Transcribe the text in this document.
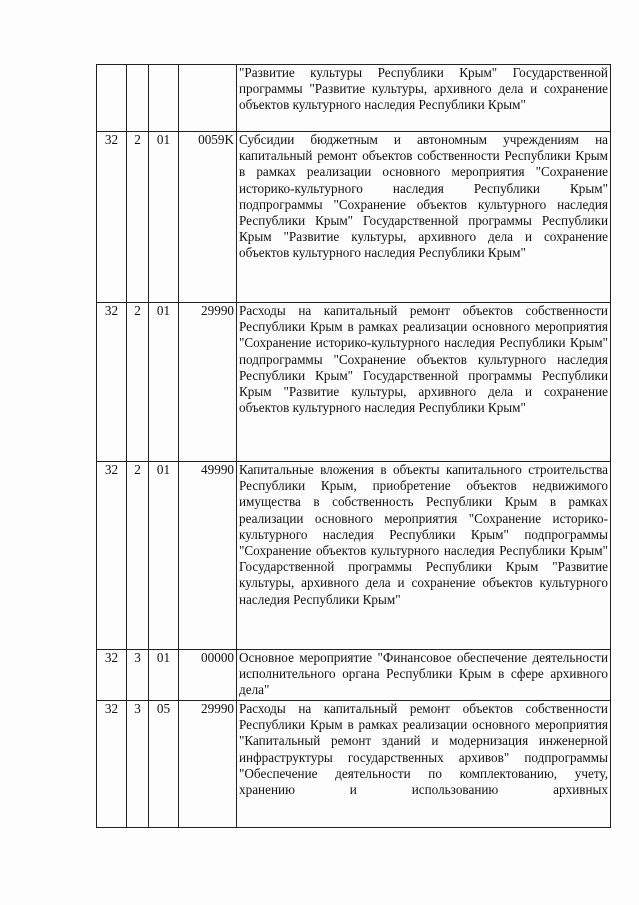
				"Развитие культуры Республики Крым" Государственной программы "Развитие культуры, архивного дела и сохранение объектов культурного наследия Республики Крым"
32	2	01	0059K	Субсидии бюджетным и автономным учреждениям на капитальный ремонт объектов собственности Республики Крым в рамках реализации основного мероприятия "Сохранение историко-культурного наследия Республики Крым" подпрограммы "Сохранение объектов культурного наследия Республики Крым" Государственной программы Республики Крым "Развитие культуры, архивного дела и сохранение объектов культурного наследия Республики Крым"
32	2	01	29990	Расходы на капитальный ремонт объектов собственности Республики Крым в рамках реализации основного мероприятия "Сохранение историко-культурного наследия Республики Крым" подпрограммы "Сохранение объектов культурного наследия Республики Крым" Государственной программы Республики Крым "Развитие культуры, архивного дела и сохранение объектов культурного наследия Республики Крым"
32	2	01	49990	Капитальные вложения в объекты капитального строительства Республики Крым, приобретение объектов недвижимого имущества в собственность Республики Крым в рамках реализации основного мероприятия "Сохранение историко-культурного наследия Республики Крым" подпрограммы "Сохранение объектов культурного наследия Республики Крым" Государственной программы Республики Крым "Развитие культуры, архивного дела и сохранение объектов культурного наследия Республики Крым"
32	3	01	00000	Основное мероприятие "Финансовое обеспечение деятельности исполнительного органа Республики Крым в сфере архивного дела"
32	3	05	29990	Расходы на капитальный ремонт объектов собственности Республики Крым в рамках реализации основного мероприятия "Капитальный ремонт зданий и модернизация инженерной инфраструктуры государственных архивов" подпрограммы "Обеспечение деятельности по комплектованию, учету, хранению и использованию архивных
